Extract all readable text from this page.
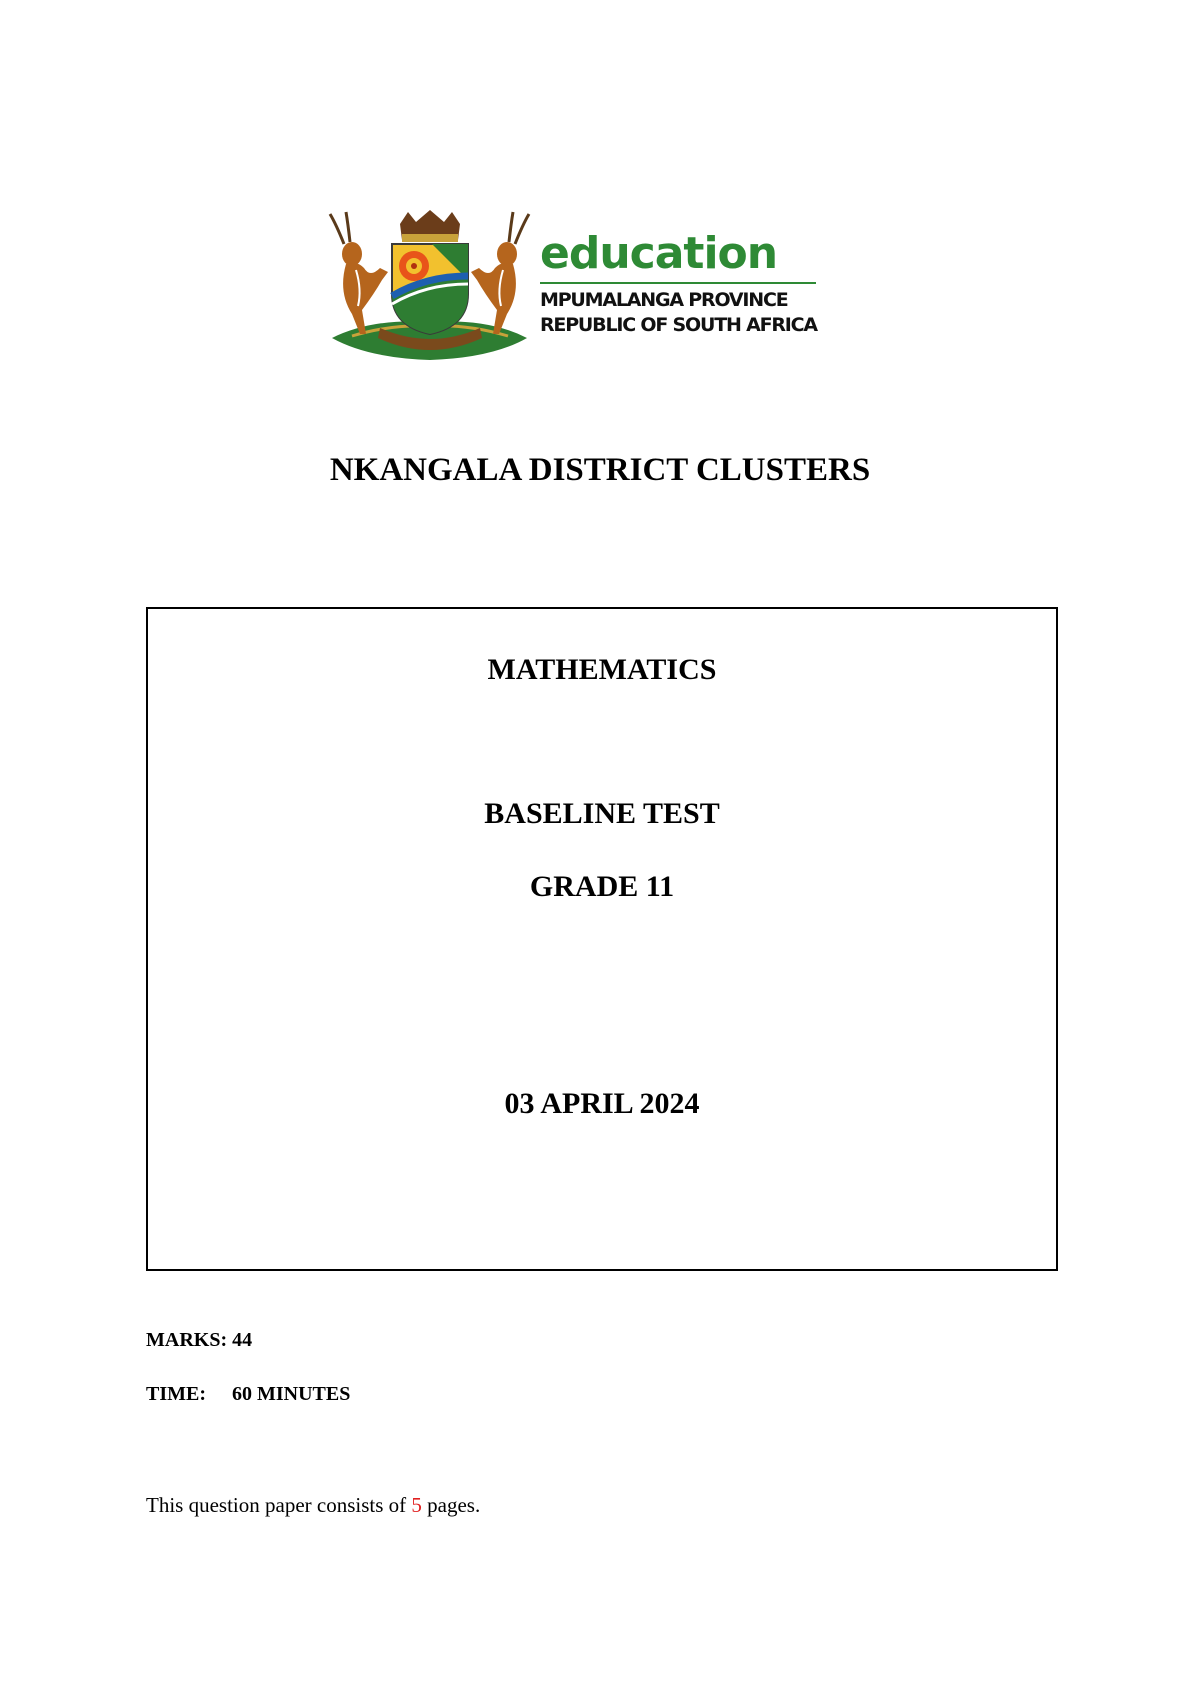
education
MPUMALANGA PROVINCE
REPUBLIC OF SOUTH AFRICA
NKANGALA DISTRICT CLUSTERS
MATHEMATICS
BASELINE TEST
GRADE 11
03 APRIL 2024
MARKS: 44
TIME: 60 MINUTES
This question paper consists of 5 pages.
